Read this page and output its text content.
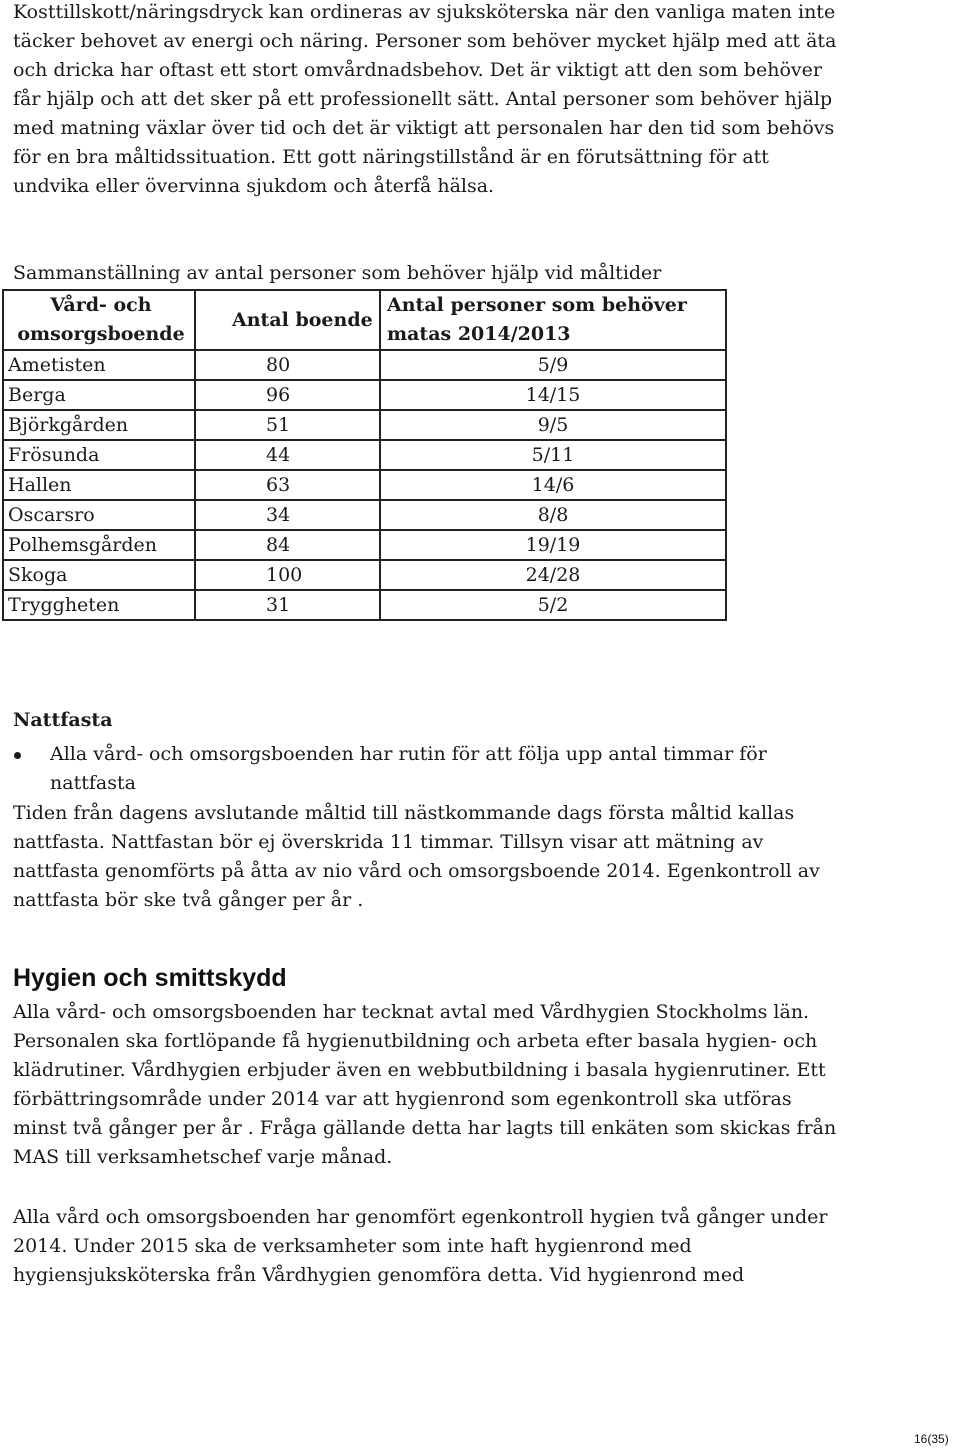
Kosttillskott/näringsdryck kan ordineras av sjuksköterska när den vanliga maten inte täcker behovet av energi och näring. Personer som behöver mycket hjälp med att äta och dricka har oftast ett stort omvårdnadsbehov. Det är viktigt att den som behöver får hjälp och att det sker på ett professionellt sätt. Antal personer som behöver hjälp med matning växlar över tid och det är viktigt att personalen har den tid som behövs för en bra måltidssituation. Ett gott näringstillstånd är en förutsättning för att undvika eller övervinna sjukdom och återfå hälsa.

Sammanställning av antal personer som behöver hjälp vid måltider
Vård- och omsorgsboende	Antal boende	Antal personer som behöver matas 2014/2013
Ametisten	80	5/9
Berga	96	14/15
Björkgården	51	9/5
Frösunda	44	5/11
Hallen	63	14/6
Oscarsro	34	8/8
Polhemsgården	84	19/19
Skoga	100	24/28
Tryggheten	31	5/2
Nattfasta
Alla vård- och omsorgsboenden har rutin för att följa upp antal timmar för nattfasta

Tiden från dagens avslutande måltid till nästkommande dags första måltid kallas nattfasta. Nattfastan bör ej överskrida 11 timmar. Tillsyn visar att mätning av nattfasta genomförts på åtta av nio vård och omsorgsboende 2014. Egenkontroll av nattfasta bör ske två gånger per år .

Hygien och smittskydd

Alla vård- och omsorgsboenden har tecknat avtal med Vårdhygien Stockholms län. Personalen ska fortlöpande få hygienutbildning och arbeta efter basala hygien- och klädrutiner. Vårdhygien erbjuder även en webbutbildning i basala hygienrutiner. Ett förbättringsområde under 2014 var att hygienrond som egenkontroll ska utföras minst två gånger per år . Fråga gällande detta har lagts till enkäten som skickas från MAS till verksamhetschef varje månad.

Alla vård och omsorgsboenden har genomfört egenkontroll hygien två gånger under 2014. Under 2015 ska de verksamheter som inte haft hygienrond med hygiensjuksköterska från Vårdhygien genomföra detta. Vid hygienrond med

16(35)
